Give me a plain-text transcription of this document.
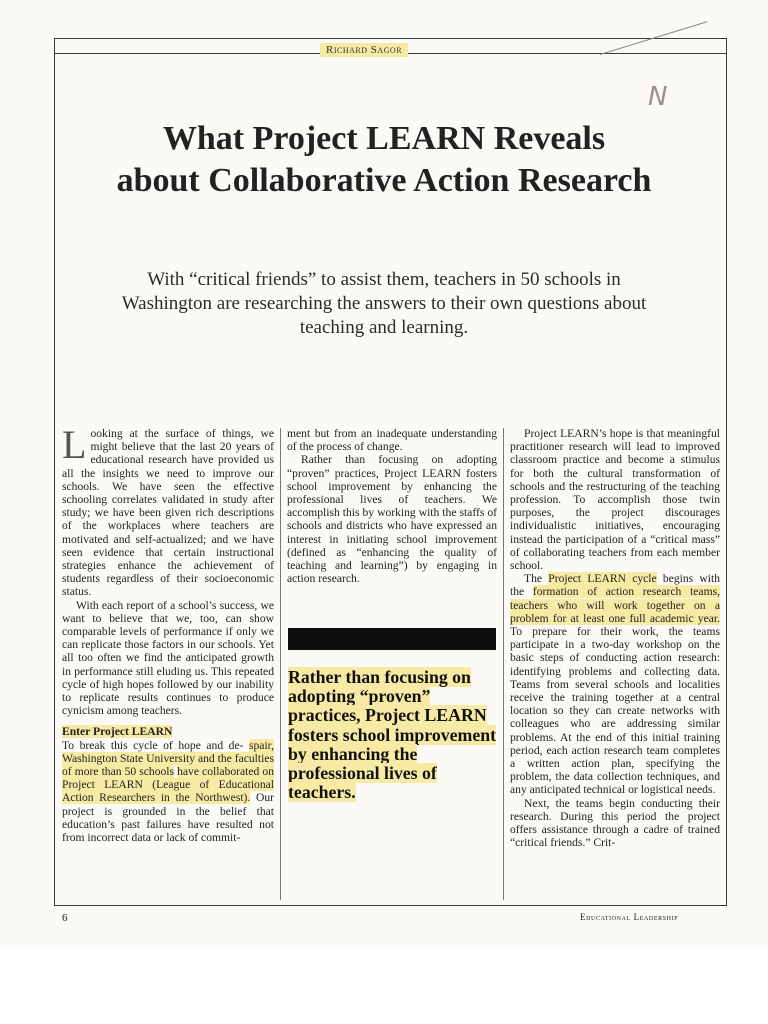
Richard Sagor
N
What Project LEARN Reveals
about Collaborative Action Research
With “critical friends” to assist them, teachers in 50 schools in Washington are researching the answers to their own questions about teaching and learning.

Looking at the surface of things, we might believe that the last 20 years of educational research have provided us all the insights we need to improve our schools. We have seen the effective schooling correlates validated in study after study; we have been given rich descriptions of the workplaces where teachers are motivated and self-actualized; and we have seen evidence that certain instructional strategies enhance the achievement of students regardless of their socioeconomic status.

With each report of a school’s success, we want to believe that we, too, can show comparable levels of performance if only we can replicate those factors in our schools. Yet all too often we find the anticipated growth in performance still eluding us. This repeated cycle of high hopes followed by our inability to replicate results continues to produce cynicism among teachers.

Enter Project LEARN

To break this cycle of hope and de- spair, Washington State University and the faculties of more than 50 schools have collaborated on Project LEARN (League of Educational Action Researchers in the Northwest). Our project is grounded in the belief that education’s past failures have resulted not from incorrect data or lack of commit-

ment but from an inadequate understanding of the process of change.

Rather than focusing on adopting “proven” practices, Project LEARN fosters school improvement by enhancing the professional lives of teachers. We accomplish this by working with the staffs of schools and districts who have expressed an interest in initiating school improvement (defined as “enhancing the quality of teaching and learning”) by engaging in action research.

Rather than focusing on adopting “proven” practices, Project LEARN fosters school improvement by enhancing the professional lives of teachers.

Project LEARN’s hope is that meaningful practitioner research will lead to improved classroom practice and become a stimulus for both the cultural transformation of schools and the restructuring of the teaching profession. To accomplish those twin purposes, the project discourages individualistic initiatives, encouraging instead the participation of a “critical mass” of collaborating teachers from each member school.

The Project LEARN cycle begins with the formation of action research teams, teachers who will work together on a problem for at least one full academic year. To prepare for their work, the teams participate in a two-day workshop on the basic steps of conducting action research: identifying problems and collecting data. Teams from several schools and localities receive the training together at a central location so they can create networks with colleagues who are addressing similar problems. At the end of this initial training period, each action research team completes a written action plan, specifying the problem, the data collection techniques, and any anticipated technical or logistical needs.

Next, the teams begin conducting their research. During this period the project offers assistance through a cadre of trained “critical friends.” Crit-

6	Educational Leadership
